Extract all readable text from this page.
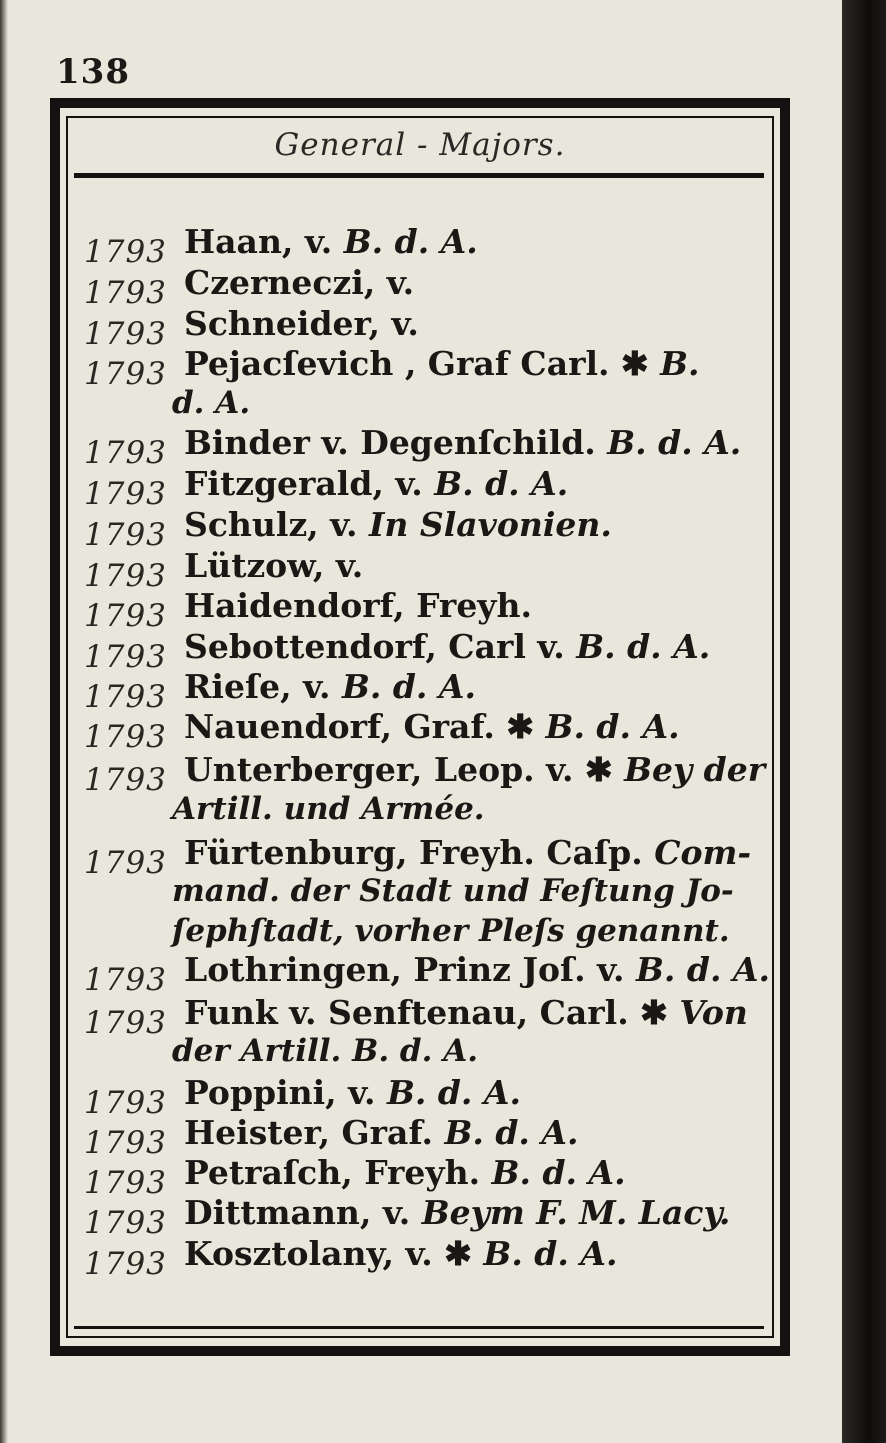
138
General - Majors.
1793 Haan, v. B. d. A.
1793 Czerneczi, v.
1793 Schneider, v.
1793 Pejacſevich , Graf Carl. ✱ B.
d. A.
1793 Binder v. Degenſchild. B. d. A.
1793 Fitzgerald, v. B. d. A.
1793 Schulz, v. In Slavonien.
1793 Lützow, v.
1793 Haidendorf, Freyh.
1793 Sebottendorf, Carl v. B. d. A.
1793 Rieſe, v. B. d. A.
1793 Nauendorf, Graf. ✱ B. d. A.
1793 Unterberger, Leop. v. ✱ Bey der
Artill. und Armée.
1793 Fürtenburg, Freyh. Caſp. Com-
mand. der Stadt und Feſtung Jo-
ſephſtadt, vorher Pleſs genannt.
1793 Lothringen, Prinz Joſ. v. B. d. A.
1793 Funk v. Senftenau, Carl. ✱ Von
der Artill. B. d. A.
1793 Poppini, v. B. d. A.
1793 Heister, Graf. B. d. A.
1793 Petraſch, Freyh. B. d. A.
1793 Dittmann, v. Beym F. M. Lacy.
1793 Kosztolany, v. ✱ B. d. A.
